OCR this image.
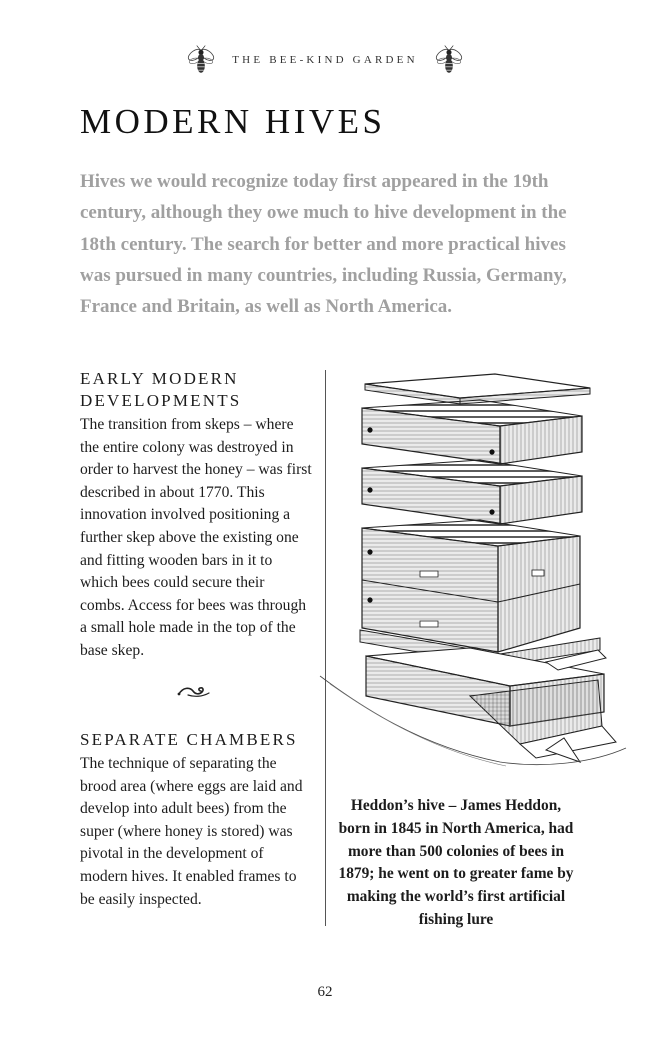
THE BEE-KIND GARDEN
MODERN HIVES

Hives we would recognize today first appeared in the 19th century, although they owe much to hive development in the 18th century. The search for better and more practical hives was pursued in many countries, including Russia, Germany, France and Britain, as well as North America.

EARLY MODERN DEVELOPMENTS

The transition from skeps – where the entire colony was destroyed in order to harvest the honey – was first described in about 1770. This innovation involved positioning a further skep above the existing one and fitting wooden bars in it to which bees could secure their combs. Access for bees was through a small hole made in the top of the base skep.

SEPARATE CHAMBERS

The technique of separating the brood area (where eggs are laid and develop into adult bees) from the super (where honey is stored) was pivotal in the development of modern hives. It enabled frames to be easily inspected.

Heddon’s hive – James Heddon, born in 1845 in North America, had more than 500 colonies of bees in 1879; he went on to greater fame by making the world’s first artificial fishing lure

62
